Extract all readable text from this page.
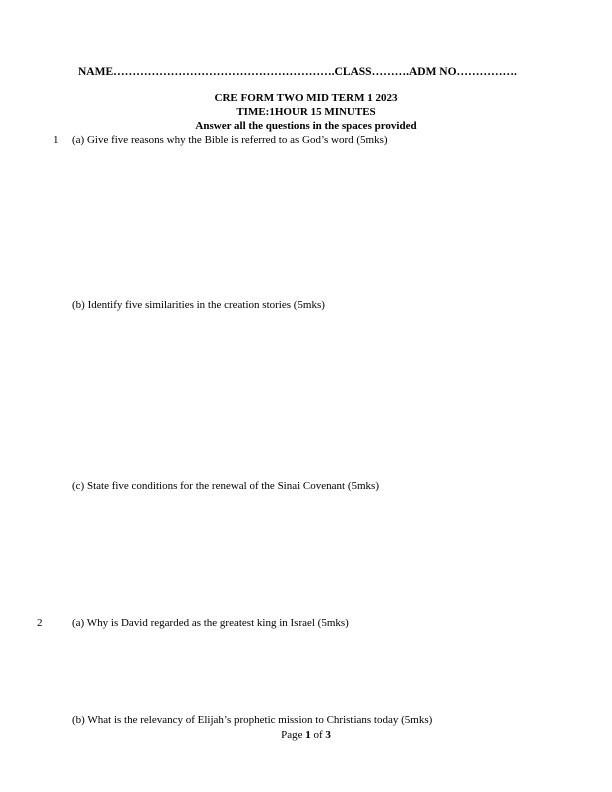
NAME………………………………………………….CLASS……….ADM NO…………….
CRE FORM TWO MID TERM 1 2023
TIME:1HOUR 15 MINUTES
Answer all the questions in the spaces provided
1 (a) Give five reasons why the Bible is referred to as God’s word (5mks)
(b) Identify five similarities in the creation stories (5mks)
(c) State five conditions for the renewal of the Sinai Covenant (5mks)
2	(a) Why is David regarded as the greatest king in Israel (5mks)
(b) What is the relevancy of Elijah’s prophetic mission to Christians today (5mks)
Page 1 of 3
